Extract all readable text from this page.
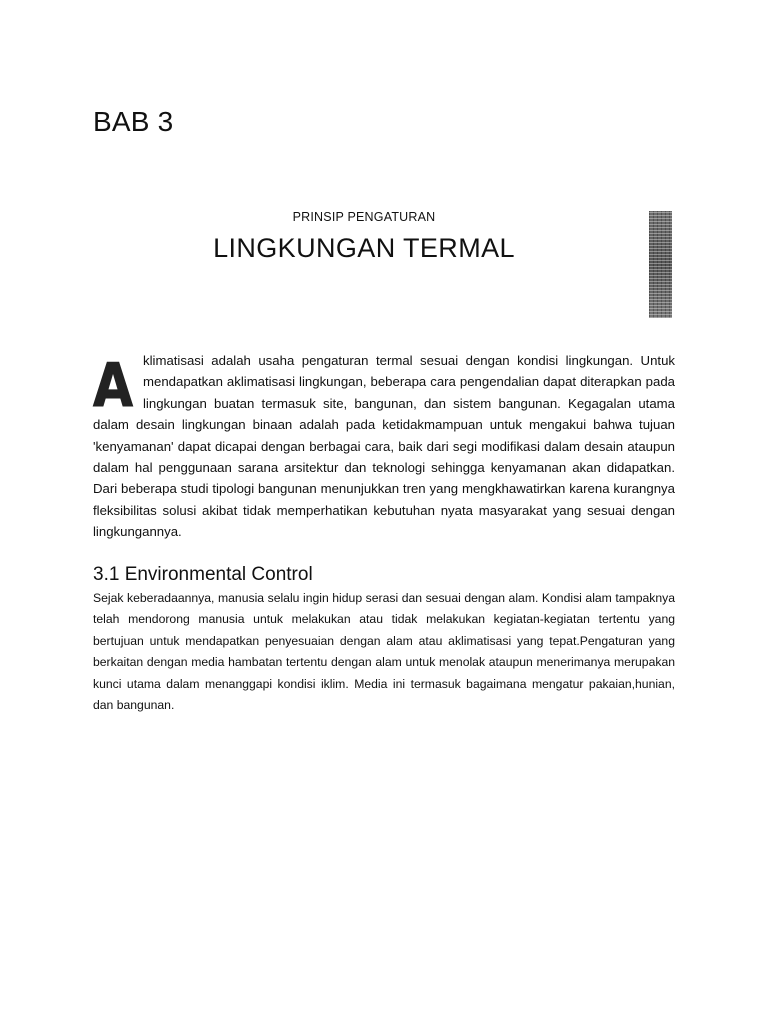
BAB 3
PRINSIP PENGATURAN
LINGKUNGAN TERMAL

A klimatisasi adalah usaha pengaturan termal sesuai dengan kondisi lingkungan. Untuk mendapatkan aklimatisasi lingkungan, beberapa cara pengendalian dapat diterapkan pada lingkungan buatan termasuk site, bangunan, dan sistem bangunan. Kegagalan utama dalam desain lingkungan binaan adalah pada ketidakmampuan untuk mengakui bahwa tujuan 'kenyamanan' dapat dicapai dengan berbagai cara, baik dari segi modifikasi dalam desain ataupun dalam hal penggunaan sarana arsitektur dan teknologi sehingga kenyamanan akan didapatkan. Dari beberapa studi tipologi bangunan menunjukkan tren yang mengkhawatirkan karena kurangnya fleksibilitas solusi akibat tidak memperhatikan kebutuhan nyata masyarakat yang sesuai dengan lingkungannya.

3.1 Environmental Control

Sejak keberadaannya, manusia selalu ingin hidup serasi dan sesuai dengan alam. Kondisi alam tampaknya telah mendorong manusia untuk melakukan atau tidak melakukan kegiatan-kegiatan tertentu yang bertujuan untuk mendapatkan penyesuaian dengan alam atau aklimatisasi yang tepat.Pengaturan yang berkaitan dengan media hambatan tertentu dengan alam untuk menolak ataupun menerimanya merupakan kunci utama dalam menanggapi kondisi iklim. Media ini termasuk bagaimana mengatur pakaian,hunian, dan bangunan.
